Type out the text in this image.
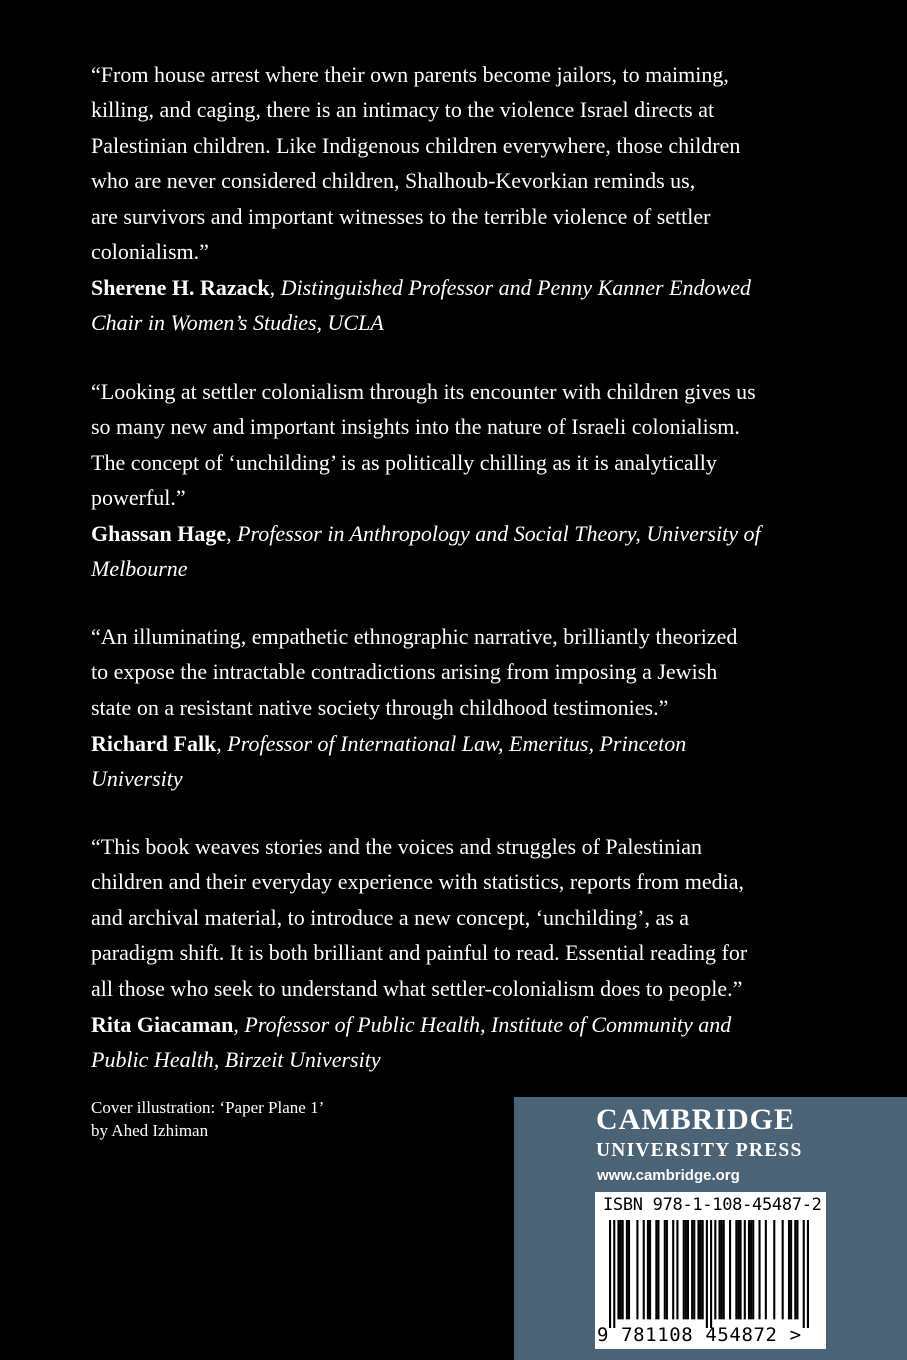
“From house arrest where their own parents become jailors, to maiming,
killing, and caging, there is an intimacy to the violence Israel directs at
Palestinian children. Like Indigenous children everywhere, those children
who are never considered children, Shalhoub-Kevorkian reminds us,
are survivors and important witnesses to the terrible violence of settler
colonialism.”
Sherene H. Razack, Distinguished Professor and Penny Kanner Endowed
Chair in Women’s Studies, UCLA
“Looking at settler colonialism through its encounter with children gives us
so many new and important insights into the nature of Israeli colonialism.
The concept of ‘unchilding’ is as politically chilling as it is analytically
powerful.”
Ghassan Hage, Professor in Anthropology and Social Theory, University of
Melbourne
“An illuminating, empathetic ethnographic narrative, brilliantly theorized
to expose the intractable contradictions arising from imposing a Jewish
state on a resistant native society through childhood testimonies.”
Richard Falk, Professor of International Law, Emeritus, Princeton
University
“This book weaves stories and the voices and struggles of Palestinian
children and their everyday experience with statistics, reports from media,
and archival material, to introduce a new concept, ‘unchilding’, as a
paradigm shift. It is both brilliant and painful to read. Essential reading for
all those who seek to understand what settler-colonialism does to people.”
Rita Giacaman, Professor of Public Health, Institute of Community and
Public Health, Birzeit University
Cover illustration: ‘Paper Plane 1’
by Ahed Izhiman	CAMBRIDGE
UNIVERSITY PRESS
www.cambridge.org
ISBN 978-1-108-45487-2
9 781108 454872 >
